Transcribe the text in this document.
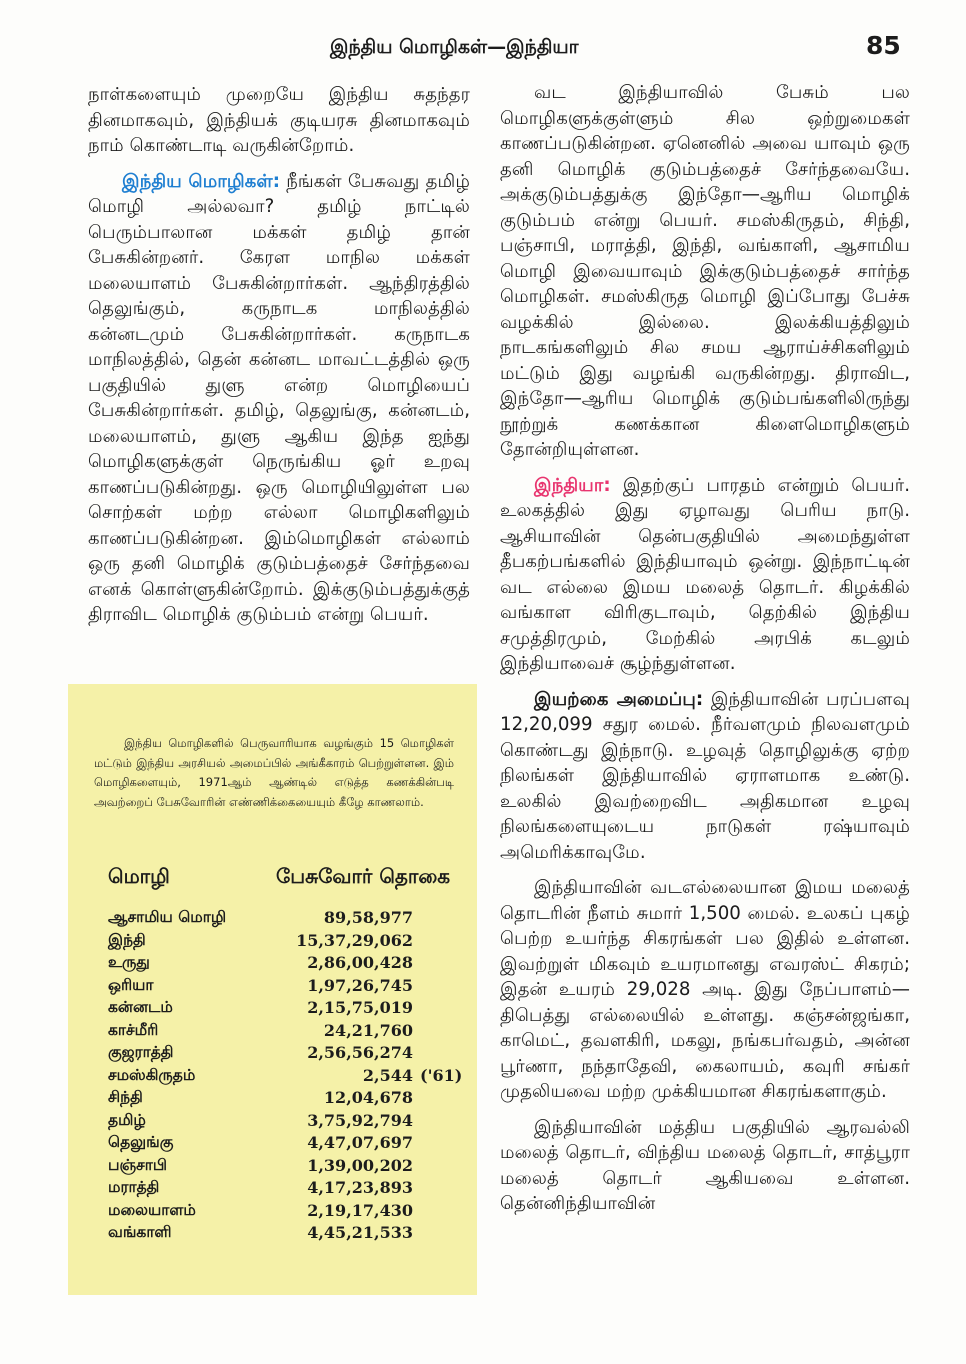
இந்திய மொழிகள்—இந்தியா	85

நாள்களையும் முறையே இந்திய சுதந்தர தினமாகவும், இந்தியக் குடியரசு தினமாகவும் நாம் கொண்டாடி வருகின்றோம்.

இந்திய மொழிகள்: நீங்கள் பேசுவது தமிழ் மொழி அல்லவா? தமிழ் நாட்டில் பெரும்பாலான மக்கள் தமிழ் தான் பேசுகின்றனர். கேரள மாநில மக்கள் மலையாளம் பேசுகின்றார்கள். ஆந்திரத்தில் தெலுங்கும், கருநாடக மாநிலத்தில் கன்னடமும் பேசுகின்றார்கள். கருநாடக மாநிலத்தில், தென் கன்னட மாவட்டத்தில் ஒரு பகுதியில் துளு என்ற மொழியைப் பேசுகின்றார்கள். தமிழ், தெலுங்கு, கன்னடம், மலையாளம், துளு ஆகிய இந்த ஐந்து மொழிகளுக்குள் நெருங்கிய ஓர் உறவு காணப்படுகின்றது. ஒரு மொழியிலுள்ள பல சொற்கள் மற்ற எல்லா மொழிகளிலும் காணப்படுகின்றன. இம்மொழிகள் எல்லாம் ஒரு தனி மொழிக் குடும்பத்தைச் சேர்ந்தவை எனக் கொள்ளுகின்றோம். இக்குடும்பத்துக்குத் திராவிட மொழிக் குடும்பம் என்று பெயர்.

இந்திய மொழிகளில் பெருவாரியாக வழங்கும் 15 மொழிகள் மட்டும் இந்திய அரசியல் அமைப்பில் அங்கீகாரம் பெற்றுள்ளன. இம் மொழிகளையும், 1971ஆம் ஆண்டில் எடுத்த கணக்கின்படி அவற்றைப் பேசுவோரின் எண்ணிக்கையையும் கீழே காணலாம்.
மொழி	பேசுவோர் தொகை
ஆசாமிய மொழி	89,58,977
இந்தி	15,37,29,062
உருது	2,86,00,428
ஒரியா	1,97,26,745
கன்னடம்	2,15,75,019
காச்மீரி	24,21,760
குஜராத்தி	2,56,56,274
சமஸ்கிருதம்	2,544 ('61)
சிந்தி	12,04,678
தமிழ்	3,75,92,794
தெலுங்கு	4,47,07,697
பஞ்சாபி	1,39,00,202
மராத்தி	4,17,23,893
மலையாளம்	2,19,17,430
வங்காளி	4,45,21,533

வட இந்தியாவில் பேசும் பல மொழிகளுக்குள்ளும் சில ஒற்றுமைகள் காணப்படுகின்றன. ஏனெனில் அவை யாவும் ஒரு தனி மொழிக் குடும்பத்தைச் சேர்ந்தவையே. அக்குடும்பத்துக்கு இந்தோ—ஆரிய மொழிக் குடும்பம் என்று பெயர். சமஸ்கிருதம், சிந்தி, பஞ்சாபி, மராத்தி, இந்தி, வங்காளி, ஆசாமிய மொழி இவையாவும் இக்குடும்பத்தைச் சார்ந்த மொழிகள். சமஸ்கிருத மொழி இப்போது பேச்சு வழக்கில் இல்லை. இலக்கியத்திலும் நாடகங்களிலும் சில சமய ஆராய்ச்சிகளிலும் மட்டும் இது வழங்கி வருகின்றது. திராவிட, இந்தோ—ஆரிய மொழிக் குடும்பங்களிலிருந்து நூற்றுக் கணக்கான கிளைமொழிகளும் தோன்றியுள்ளன.

இந்தியா: இதற்குப் பாரதம் என்றும் பெயர். உலகத்தில் இது ஏழாவது பெரிய நாடு. ஆசியாவின் தென்பகுதியில் அமைந்துள்ள தீபகற்பங்களில் இந்தியாவும் ஒன்று. இந்நாட்டின் வட எல்லை இமய மலைத் தொடர். கிழக்கில் வங்காள விரிகுடாவும், தெற்கில் இந்திய சமுத்திரமும், மேற்கில் அரபிக் கடலும் இந்தியாவைச் சூழ்ந்துள்ளன.

இயற்கை அமைப்பு: இந்தியாவின் பரப்பளவு 12,20,099 சதுர மைல். நீர்வளமும் நிலவளமும் கொண்டது இந்நாடு. உழவுத் தொழிலுக்கு ஏற்ற நிலங்கள் இந்தியாவில் ஏராளமாக உண்டு. உலகில் இவற்றைவிட அதிகமான உழவு நிலங்களையுடைய நாடுகள் ரஷ்யாவும் அமெரிக்காவுமே.

இந்தியாவின் வடஎல்லையான இமய மலைத் தொடரின் நீளம் சுமார் 1,500 மைல். உலகப் புகழ் பெற்ற உயர்ந்த சிகரங்கள் பல இதில் உள்ளன. இவற்றுள் மிகவும் உயரமானது எவரஸ்ட் சிகரம்; இதன் உயரம் 29,028 அடி. இது நேப்பாளம்—திபெத்து எல்லையில் உள்ளது. கஞ்சன்ஜங்கா, காமெட், தவளகிரி, மகலு, நங்கபர்வதம், அன்ன பூர்ணா, நந்தாதேவி, கைலாயம், கவுரி சங்கர் முதலியவை மற்ற முக்கியமான சிகரங்களாகும்.

இந்தியாவின் மத்திய பகுதியில் ஆரவல்லி மலைத் தொடர், விந்திய மலைத் தொடர், சாத்பூரா மலைத் தொடர் ஆகியவை உள்ளன. தென்னிந்தியாவின்
